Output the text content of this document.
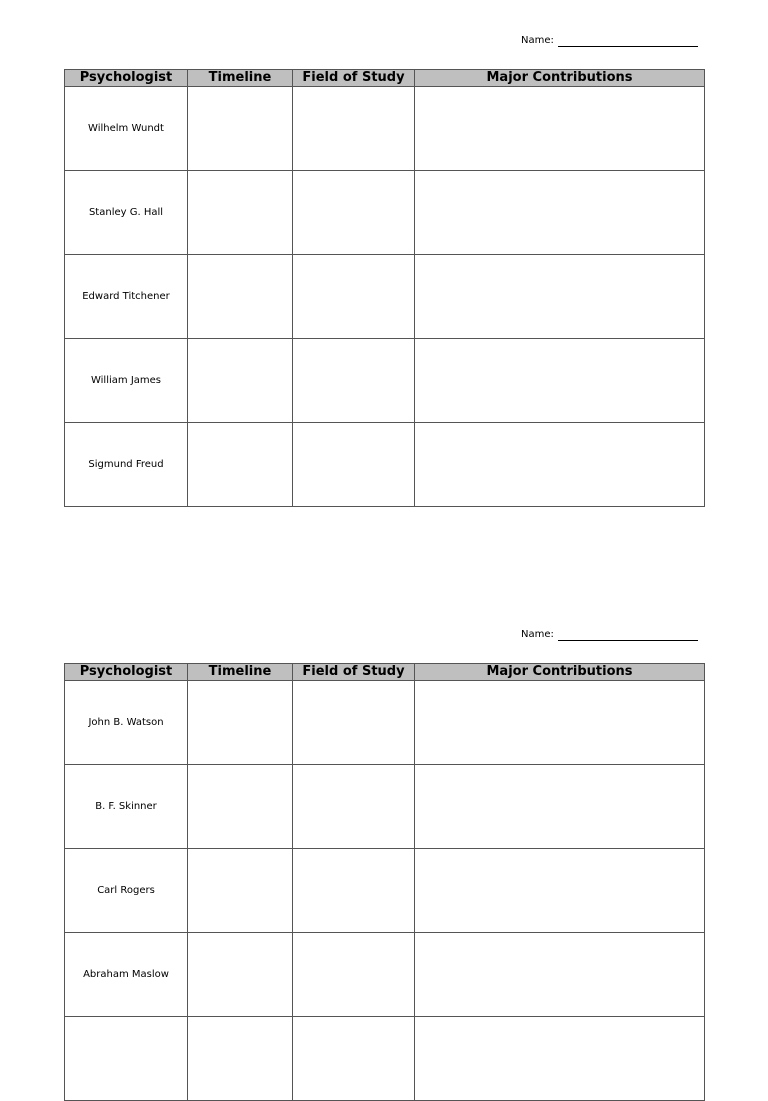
Name:
Psychologist	Timeline	Field of Study	Major Contributions
Wilhelm Wundt			
Stanley G. Hall			
Edward Titchener			
William James			
Sigmund Freud			
Name:
Psychologist	Timeline	Field of Study	Major Contributions
John B. Watson			
B. F. Skinner			
Carl Rogers			
Abraham Maslow			
